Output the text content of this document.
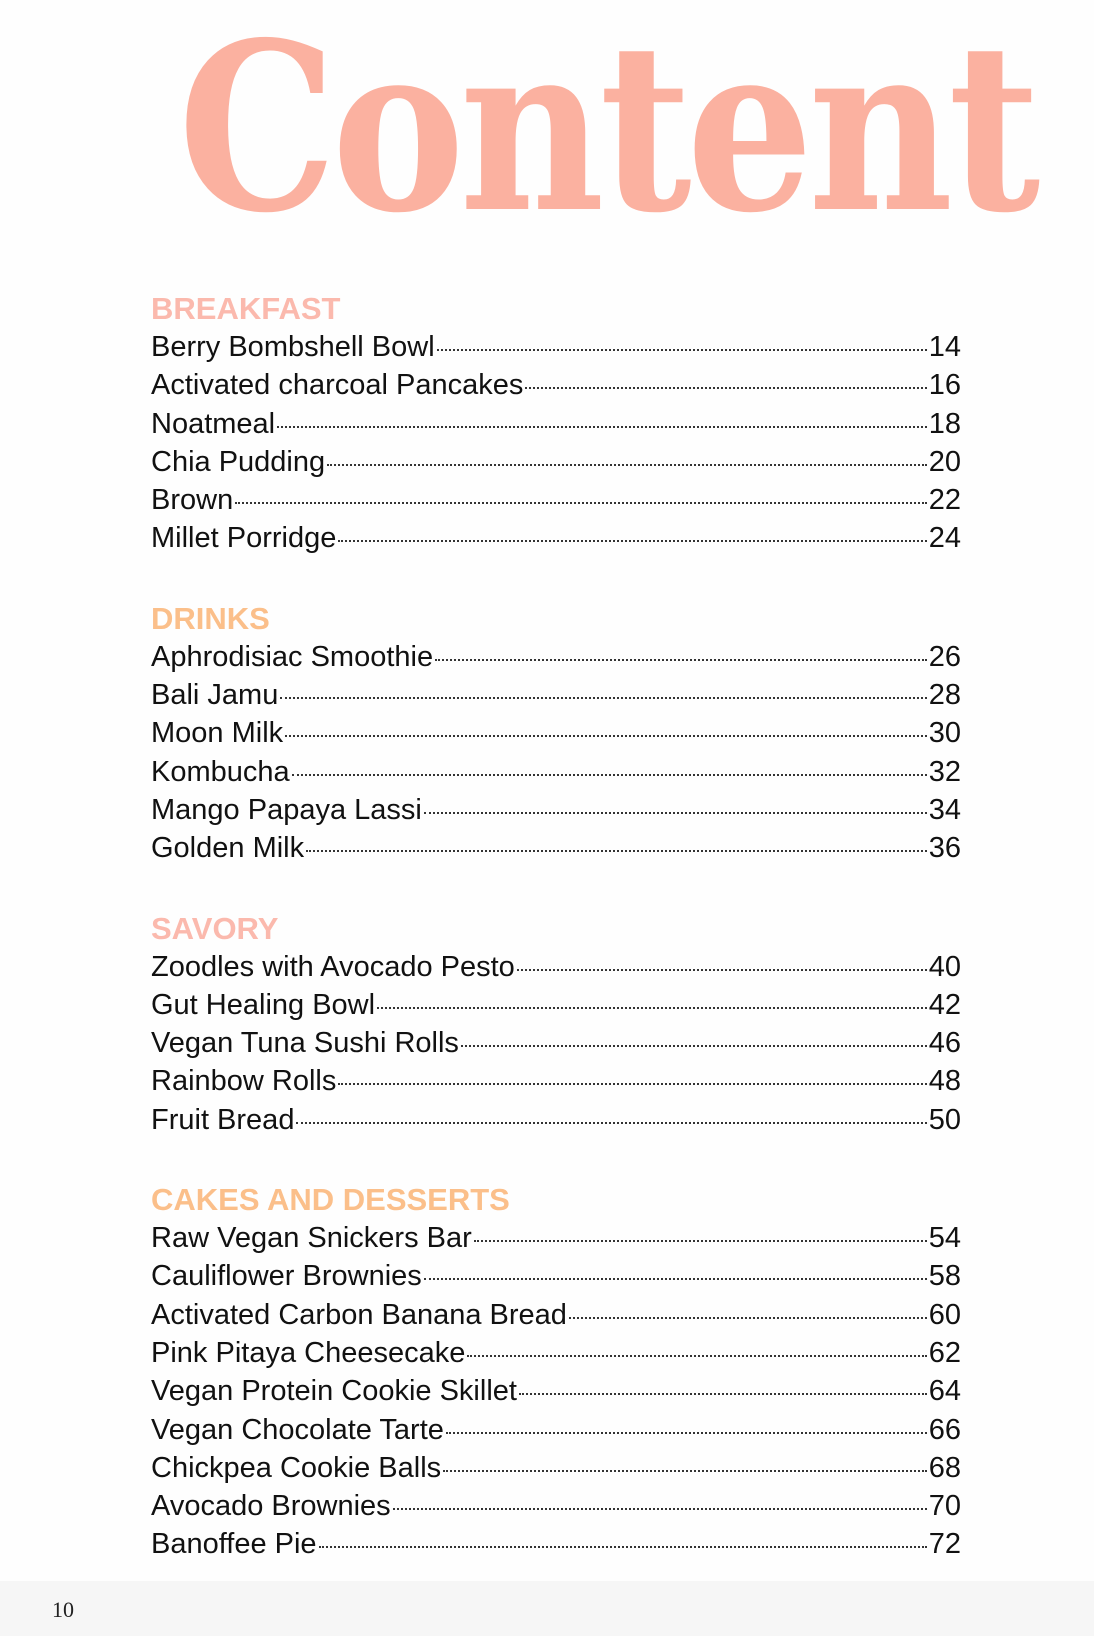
Content
BREAKFAST
Berry Bombshell Bowl	14
Activated charcoal Pancakes	16
Noatmeal	18
Chia Pudding	20
Brown	22
Millet Porridge	24
DRINKS
Aphrodisiac Smoothie	26
Bali Jamu	28
Moon Milk	30
Kombucha	32
Mango Papaya Lassi	34
Golden Milk	36
SAVORY
Zoodles with Avocado Pesto	40
Gut Healing Bowl	42
Vegan Tuna Sushi Rolls	46
Rainbow Rolls	48
Fruit Bread	50
CAKES AND DESSERTS
Raw Vegan Snickers Bar	54
Cauliflower Brownies	58
Activated Carbon Banana Bread	60
Pink Pitaya Cheesecake	62
Vegan Protein Cookie Skillet	64
Vegan Chocolate Tarte	66
Chickpea Cookie Balls	68
Avocado Brownies	70
Banoffee Pie	72
10
